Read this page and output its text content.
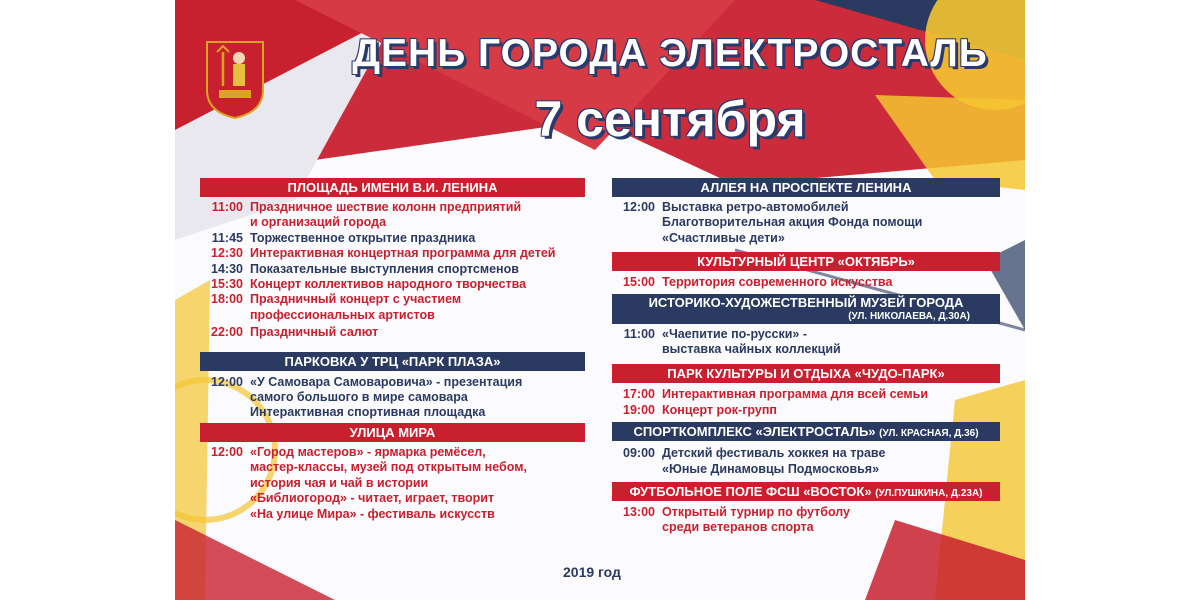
ДЕНЬ ГОРОДА ЭЛЕКТРОСТАЛЬ
7 сентября
ПЛОЩАДЬ ИМЕНИ В.И. ЛЕНИНА
11:00 Праздничное шествие колонн предприятий
и организаций города
11:45 Торжественное открытие праздника
12:30 Интерактивная концертная программа для детей
14:30 Показательные выступления спортсменов
15:30 Концерт коллективов народного творчества
18:00 Праздничный концерт с участием
профессиональных артистов
22:00 Праздничный салют
ПАРКОВКА У ТРЦ «ПАРК ПЛАЗА»
12:00 «У Самовара Самоваровича» - презентация
самого большого в мире самовара
Интерактивная спортивная площадка
УЛИЦА МИРА
12:00 «Город мастеров» - ярмарка ремёсел,
мастер-классы, музей под открытым небом,
история чая и чай в истории
«Библиогород» - читает, играет, творит
«На улице Мира» - фестиваль искусств
АЛЛЕЯ НА ПРОСПЕКТЕ ЛЕНИНА
12:00 Выставка ретро-автомобилей
Благотворительная акция Фонда помощи
«Счастливые дети»
КУЛЬТУРНЫЙ ЦЕНТР «ОКТЯБРЬ»
15:00 Территория современного искусства
ИСТОРИКО-ХУДОЖЕСТВЕННЫЙ МУЗЕЙ ГОРОДА
(УЛ. НИКОЛАЕВА, Д.30А)
11:00 «Чаепитие по-русски» -
выставка чайных коллекций
ПАРК КУЛЬТУРЫ И ОТДЫХА «ЧУДО-ПАРК»
17:00 Интерактивная программа для всей семьи
19:00 Концерт рок-групп
СПОРТКОМПЛЕКС «ЭЛЕКТРОСТАЛЬ» (УЛ. КРАСНАЯ, Д.36)
09:00 Детский фестиваль хоккея на траве
«Юные Динамовцы Подмосковья»
ФУТБОЛЬНОЕ ПОЛЕ ФСШ «ВОСТОК» (УЛ.ПУШКИНА, Д.23А)
13:00 Открытый турнир по футболу
среди ветеранов спорта
2019 год
